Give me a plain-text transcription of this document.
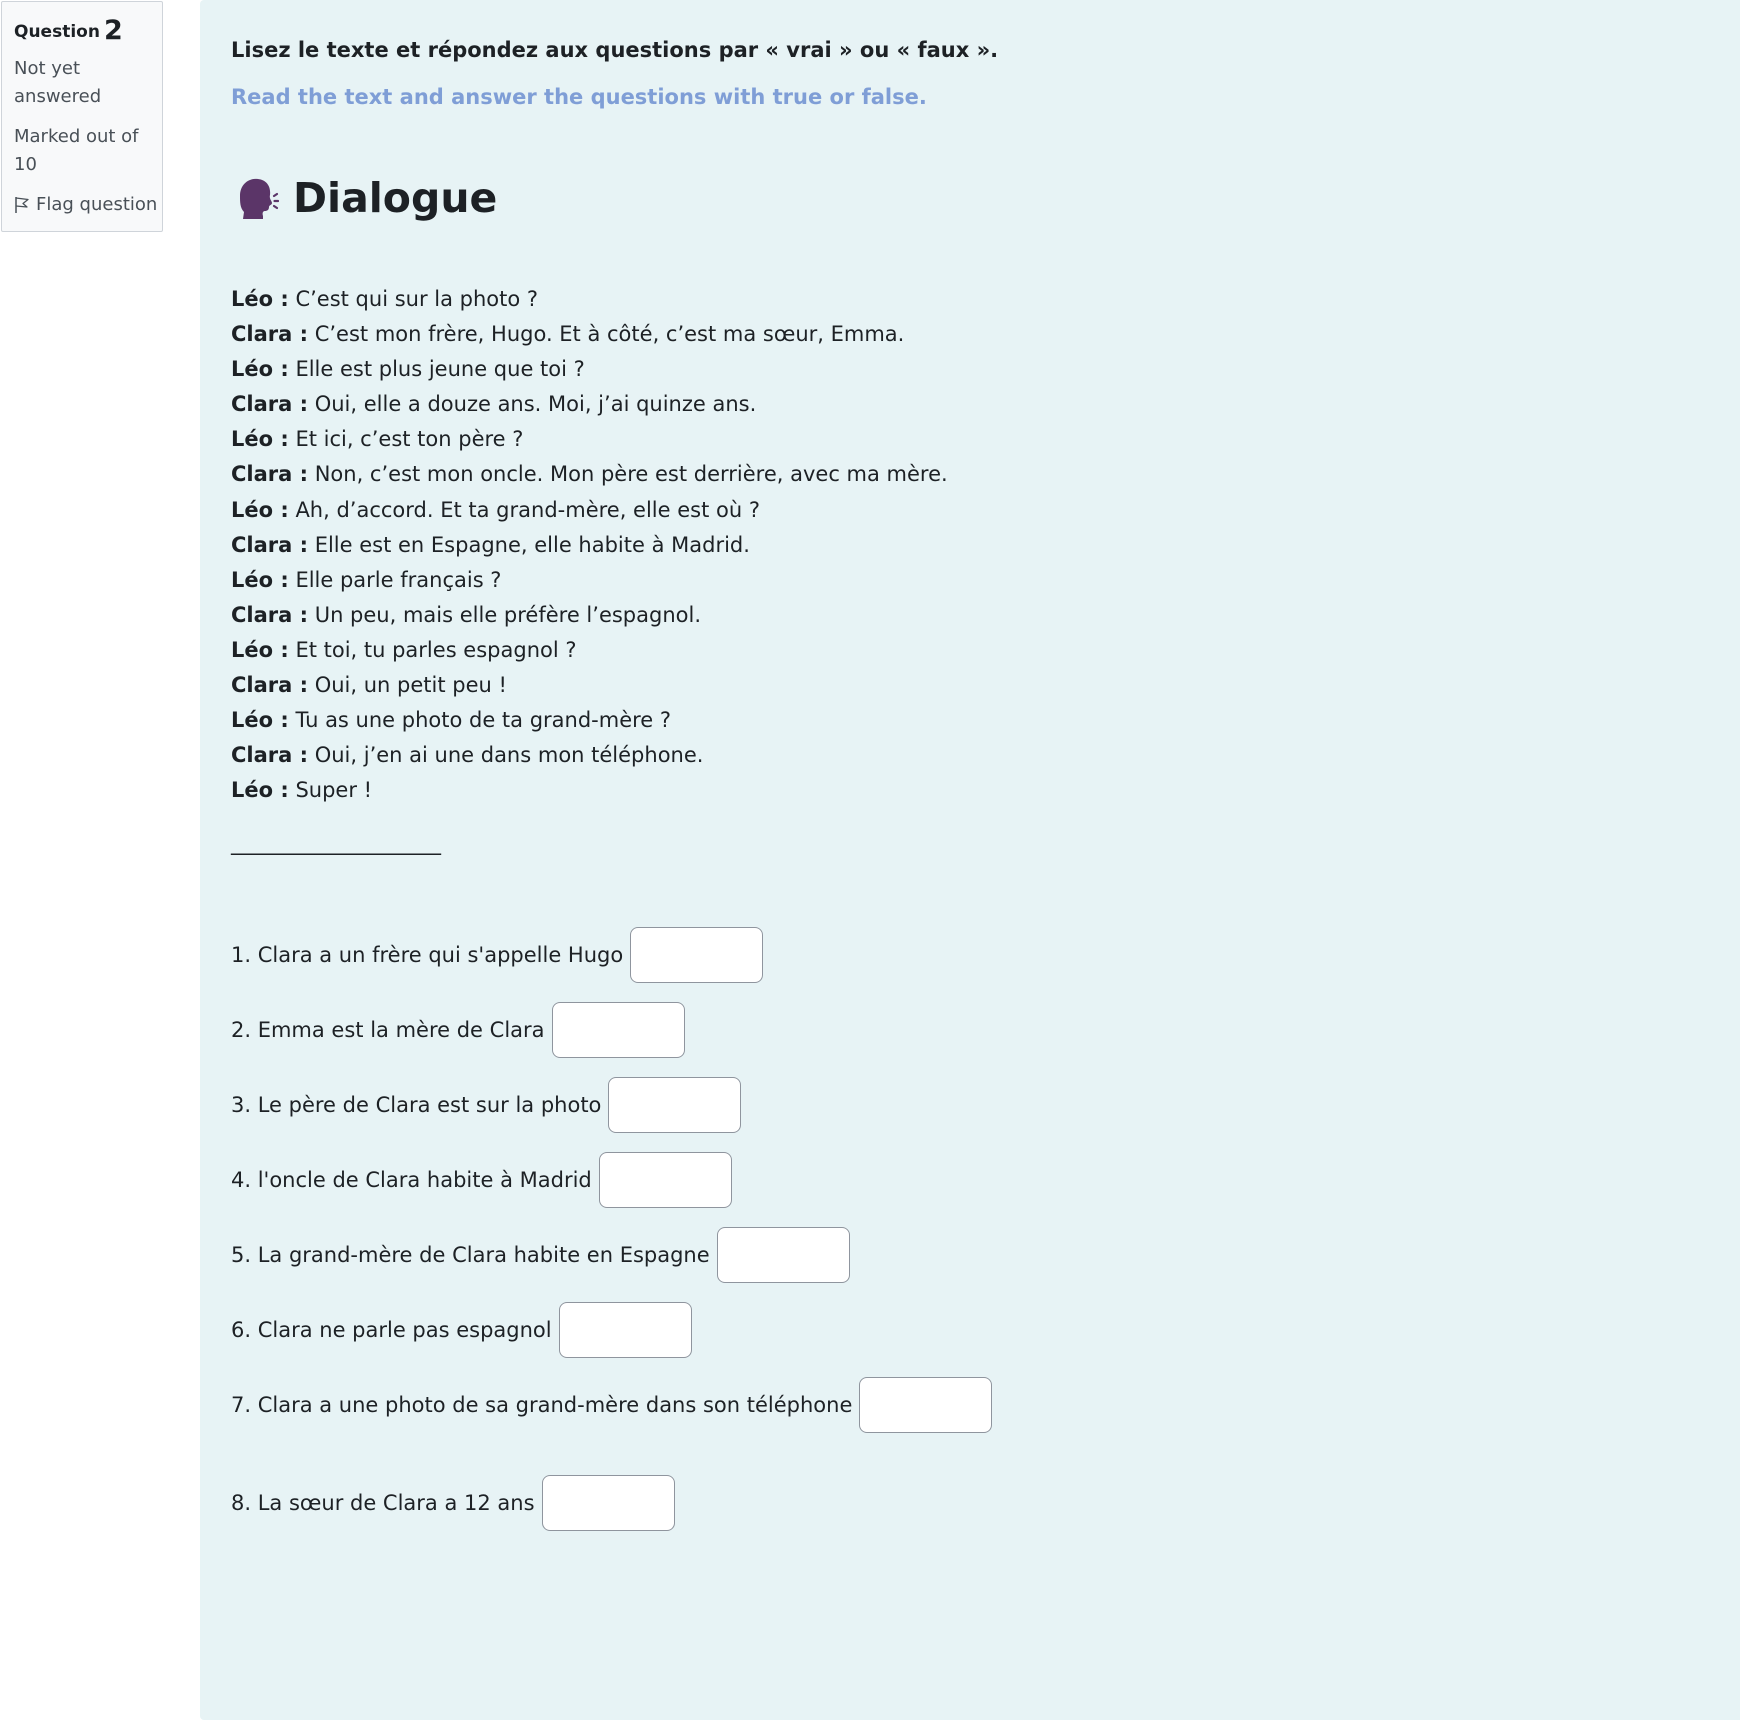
Question 2
Not yet
answered
Marked out of
10
Flag question
Lisez le texte et répondez aux questions par « vrai » ou « faux ».
Read the text and answer the questions with true or false.
Dialogue
Léo : C’est qui sur la photo ?
Clara : C’est mon frère, Hugo. Et à côté, c’est ma sœur, Emma.
Léo : Elle est plus jeune que toi ?
Clara : Oui, elle a douze ans. Moi, j’ai quinze ans.
Léo : Et ici, c’est ton père ?
Clara : Non, c’est mon oncle. Mon père est derrière, avec ma mère.
Léo : Ah, d’accord. Et ta grand-mère, elle est où ?
Clara : Elle est en Espagne, elle habite à Madrid.
Léo : Elle parle français ?
Clara : Un peu, mais elle préfère l’espagnol.
Léo : Et toi, tu parles espagnol ?
Clara : Oui, un petit peu !
Léo : Tu as une photo de ta grand-mère ?
Clara : Oui, j’en ai une dans mon téléphone.
Léo : Super !
____________________
1. Clara a un frère qui s'appelle Hugo
2. Emma est la mère de Clara
3. Le père de Clara est sur la photo
4. l'oncle de Clara habite à Madrid
5. La grand-mère de Clara habite en Espagne
6. Clara ne parle pas espagnol
7. Clara a une photo de sa grand-mère dans son téléphone
8. La sœur de Clara a 12 ans
